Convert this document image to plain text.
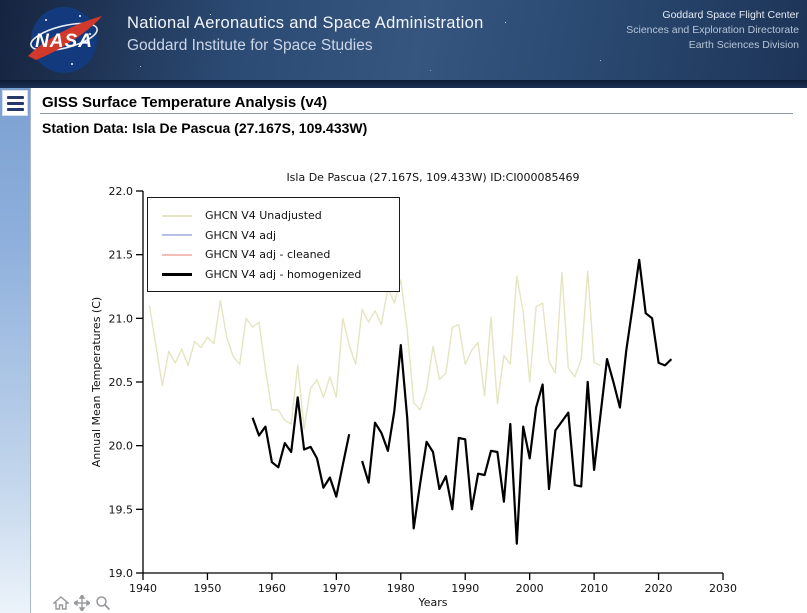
NASA
National Aeronautics and Space Administration
Goddard Institute for Space Studies
Goddard Space Flight Center
Sciences and Exploration Directorate
Earth Sciences Division
GISS Surface Temperature Analysis (v4)
Station Data: Isla De Pascua (27.167S, 109.433W)
Isla De Pascua (27.167S, 109.433W) ID:CI000085469
19.0
19.5
20.0
20.5
21.0
21.5
22.0
1940	1950	1960	1970	1980	1990	2000	2010	2020	2030
Years
Annual Mean Temperatures (C)
GHCN V4 Unadjusted
GHCN V4 adj
GHCN V4 adj - cleaned
GHCN V4 adj - homogenized
